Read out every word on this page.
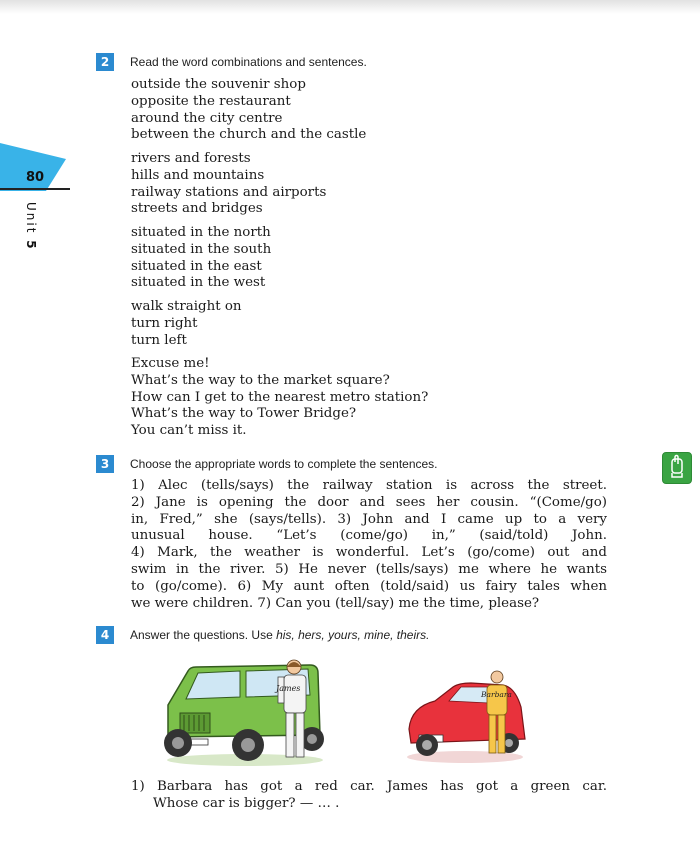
80
Unit 5
2	Read the word combinations and sentences.
outside the souvenir shop
opposite the restaurant
around the city centre
between the church and the castle
rivers and forests
hills and mountains
railway stations and airports
streets and bridges
situated in the north
situated in the south
situated in the east
situated in the west
walk straight on
turn right
turn left
Excuse me!
What’s the way to the market square?
How can I get to the nearest metro station?
What’s the way to Tower Bridge?
You can’t miss it.
3	Choose the appropriate words to complete the sentences.
1) Alec (tells/says) the railway station is across the street.
2) Jane is opening the door and sees her cousin. “(Come/go)
in, Fred,” she (says/tells). 3) John and I came up to a very
unusual house. “Let’s (come/go) in,” (said/told) John.
4) Mark, the weather is wonderful. Let’s (go/come) out and
swim in the river. 5) He never (tells/says) me where he wants
to (go/come). 6) My aunt often (told/said) us fairy tales when
we were children. 7) Can you (tell/say) me the time, please?
4	Answer the questions. Use his, hers, yours, mine, theirs.
James
Barbara
1) Barbara has got a red car. James has got a green car.
Whose car is bigger? — … .
